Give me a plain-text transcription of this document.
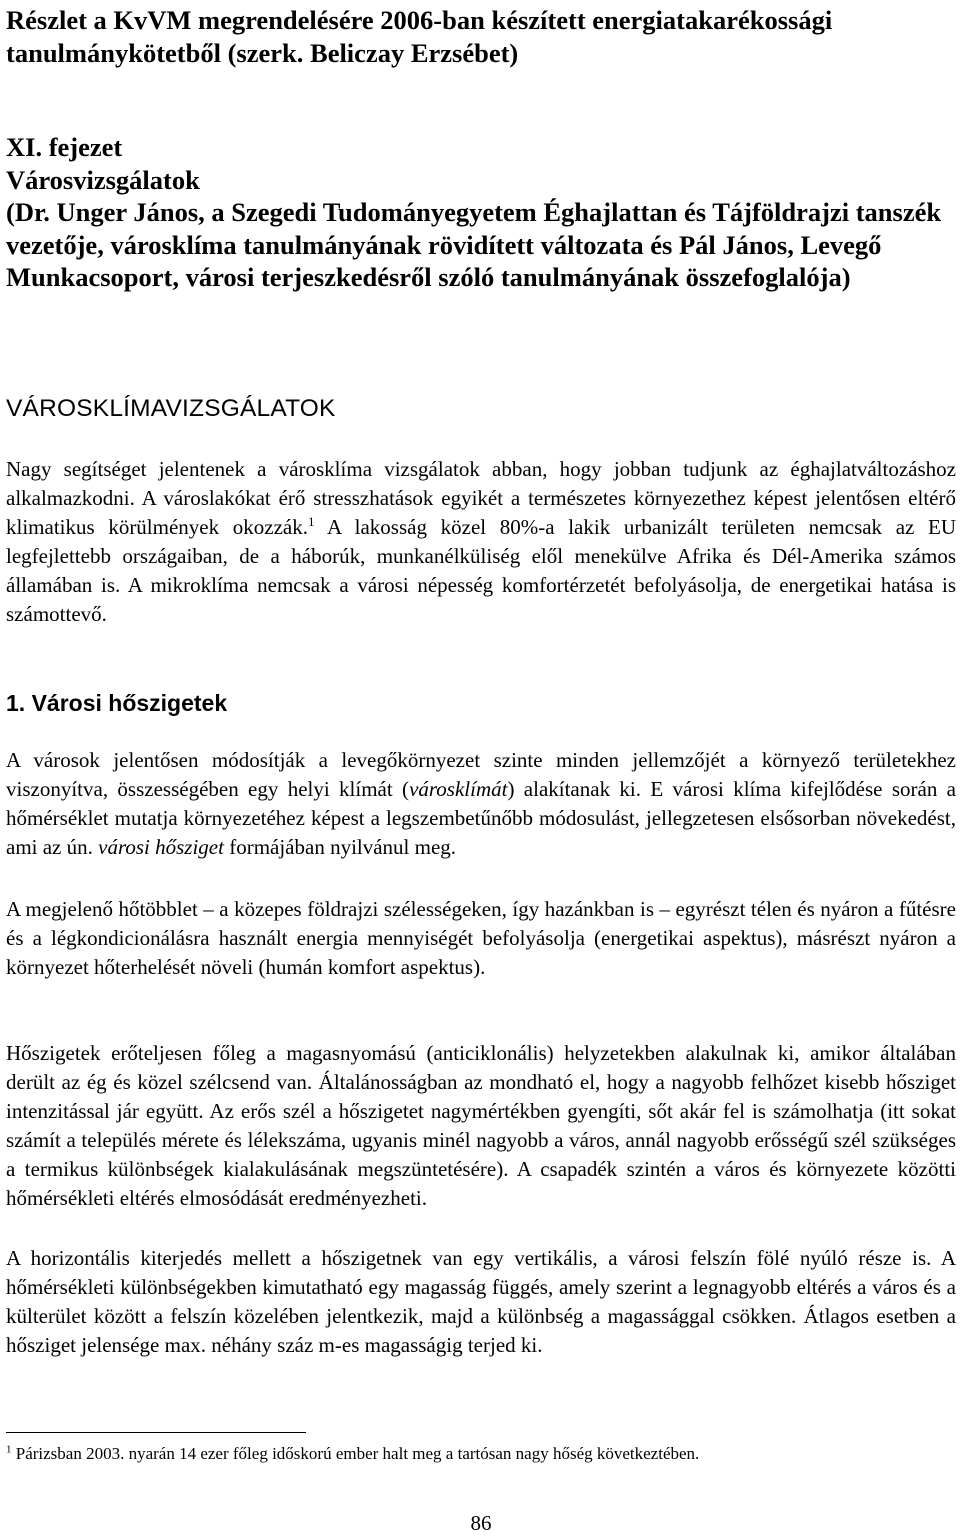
Részlet a KvVM megrendelésére 2006-ban készített energiatakarékossági

tanulmánykötetből (szerk. Beliczay Erzsébet)

XI. fejezet

Városvizsgálatok

(Dr. Unger János, a Szegedi Tudományegyetem Éghajlattan és Tájföldrajzi tanszék vezetője, városklíma tanulmányának rövidített változata és Pál János, Levegő Munkacsoport, városi terjeszkedésről szóló tanulmányának összefoglalója)

VÁROSKLÍMAVIZSGÁLATOK

Nagy segítséget jelentenek a városklíma vizsgálatok abban, hogy jobban tudjunk az éghajlatváltozáshoz alkalmazkodni. A városlakókat érő stresszhatások egyikét a természetes környezethez képest jelentősen eltérő klimatikus körülmények okozzák.$^1$ A lakosság közel 80%-a lakik urbanizált területen nemcsak az EU legfejlettebb országaiban, de a háborúk, munkanélküliség elől menekülve Afrika és Dél-Amerika számos államában is. A mikroklíma nemcsak a városi népesség komfortérzetét befolyásolja, de energetikai hatása is számottevő.

1. Városi hőszigetek

A városok jelentősen módosítják a levegőkörnyezet szinte minden jellemzőjét a környező területekhez viszonyítva, összességében egy helyi klímát (városklímát) alakítanak ki. E városi klíma kifejlődése során a hőmérséklet mutatja környezetéhez képest a legszembetűnőbb módosulást, jellegzetesen elsősorban növekedést, ami az ún. városi hősziget formájában nyilvánul meg.

A megjelenő hőtöbblet – a közepes földrajzi szélességeken, így hazánkban is – egyrészt télen és nyáron a fűtésre és a légkondicionálásra használt energia mennyiségét befolyásolja (energetikai aspektus), másrészt nyáron a környezet hőterhelését növeli (humán komfort aspektus).

Hőszigetek erőteljesen főleg a magasnyomású (anticiklonális) helyzetekben alakulnak ki, amikor általában derült az ég és közel szélcsend van. Általánosságban az mondható el, hogy a nagyobb felhőzet kisebb hősziget intenzitással jár együtt. Az erős szél a hőszigetet nagymértékben gyengíti, sőt akár fel is számolhatja (itt sokat számít a település mérete és lélekszáma, ugyanis minél nagyobb a város, annál nagyobb erősségű szél szükséges a termikus különbségek kialakulásának megszüntetésére). A csapadék szintén a város és környezete közötti hőmérsékleti eltérés elmosódását eredményezheti.

A horizontális kiterjedés mellett a hőszigetnek van egy vertikális, a városi felszín fölé nyúló része is. A hőmérsékleti különbségekben kimutatható egy magasság függés, amely szerint a legnagyobb eltérés a város és a külterület között a felszín közelében jelentkezik, majd a különbség a magassággal csökken. Átlagos esetben a hősziget jelensége max. néhány száz m-es magasságig terjed ki.

$^1$ Párizsban 2003. nyarán 14 ezer főleg időskorú ember halt meg a tartósan nagy hőség következtében.

86
